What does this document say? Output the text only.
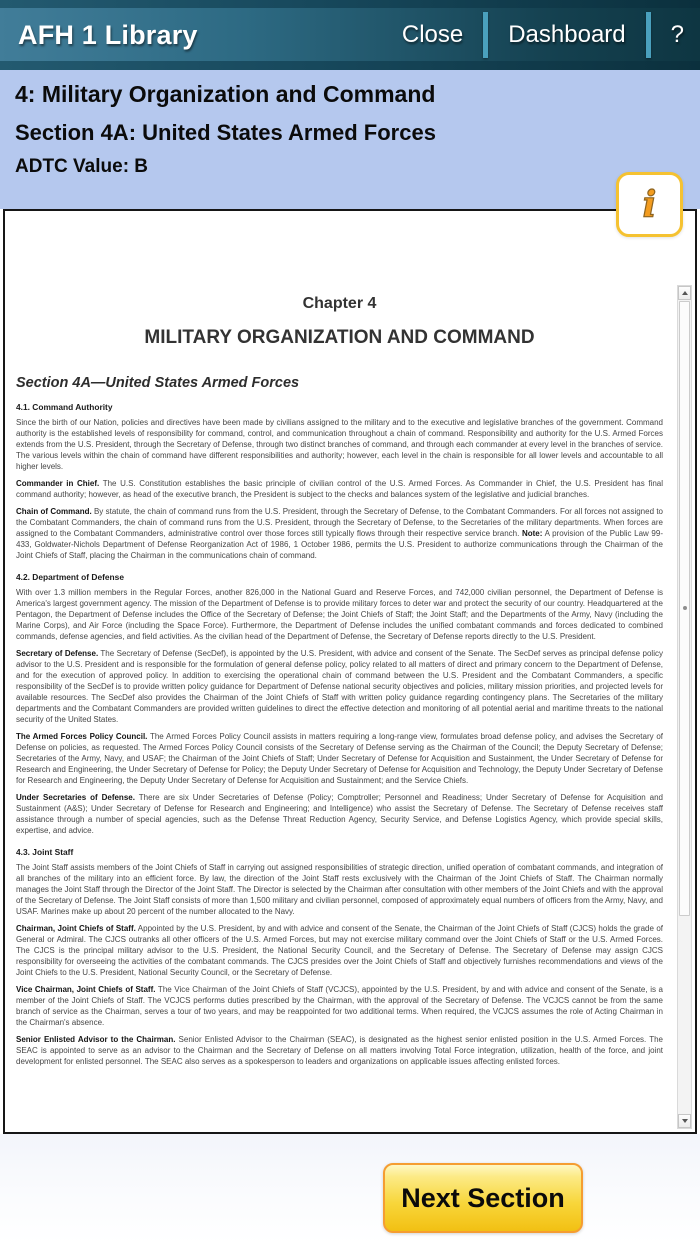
AFH 1 Library	Close Dashboard ?
4: Military Organization and Command
Section 4A: United States Armed Forces
ADTC Value: B
i
Chapter 4
MILITARY ORGANIZATION AND COMMAND
Section 4A—United States Armed Forces
4.1. Command Authority

Since the birth of our Nation, policies and directives have been made by civilians assigned to the military and to the executive and legislative branches of the government. Command authority is the established levels of responsibility for command, control, and communication throughout a chain of command. Responsibility and authority for the U.S. Armed Forces extends from the U.S. President, through the Secretary of Defense, through two distinct branches of command, and through each commander at every level in the branches of service. The various levels within the chain of command have different responsibilities and authority; however, each level in the chain is responsible for all lower levels and accountable to all higher levels.

Commander in Chief. The U.S. Constitution establishes the basic principle of civilian control of the U.S. Armed Forces. As Commander in Chief, the U.S. President has final command authority; however, as head of the executive branch, the President is subject to the checks and balances system of the legislative and judicial branches.

Chain of Command. By statute, the chain of command runs from the U.S. President, through the Secretary of Defense, to the Combatant Commanders. For all forces not assigned to the Combatant Commanders, the chain of command runs from the U.S. President, through the Secretary of Defense, to the Secretaries of the military departments. When forces are assigned to the Combatant Commanders, administrative control over those forces still typically flows through their respective service branch. Note: A provision of the Public Law 99-433, Goldwater-Nichols Department of Defense Reorganization Act of 1986, 1 October 1986, permits the U.S. President to authorize communications through the Chairman of the Joint Chiefs of Staff, placing the Chairman in the communications chain of command.

4.2. Department of Defense

With over 1.3 million members in the Regular Forces, another 826,000 in the National Guard and Reserve Forces, and 742,000 civilian personnel, the Department of Defense is America's largest government agency. The mission of the Department of Defense is to provide military forces to deter war and protect the security of our country. Headquartered at the Pentagon, the Department of Defense includes the Office of the Secretary of Defense; the Joint Chiefs of Staff; the Joint Staff; and the Departments of the Army, Navy (including the Marine Corps), and Air Force (including the Space Force). Furthermore, the Department of Defense includes the unified combatant commands and forces dedicated to combined commands, defense agencies, and field activities. As the civilian head of the Department of Defense, the Secretary of Defense reports directly to the U.S. President.

Secretary of Defense. The Secretary of Defense (SecDef), is appointed by the U.S. President, with advice and consent of the Senate. The SecDef serves as principal defense policy advisor to the U.S. President and is responsible for the formulation of general defense policy, policy related to all matters of direct and primary concern to the Department of Defense, and for the execution of approved policy. In addition to exercising the operational chain of command between the U.S. President and the Combatant Commanders, a specific responsibility of the SecDef is to provide written policy guidance for Department of Defense national security objectives and policies, military mission priorities, and projected levels for available resources. The SecDef also provides the Chairman of the Joint Chiefs of Staff with written policy guidance regarding contingency plans. The Secretaries of the military departments and the Combatant Commanders are provided written guidelines to direct the effective detection and monitoring of all potential aerial and maritime threats to the national security of the United States.

The Armed Forces Policy Council. The Armed Forces Policy Council assists in matters requiring a long-range view, formulates broad defense policy, and advises the Secretary of Defense on policies, as requested. The Armed Forces Policy Council consists of the Secretary of Defense serving as the Chairman of the Council; the Deputy Secretary of Defense; Secretaries of the Army, Navy, and USAF; the Chairman of the Joint Chiefs of Staff; Under Secretary of Defense for Acquisition and Sustainment, the Under Secretary of Defense for Research and Engineering, the Under Secretary of Defense for Policy; the Deputy Under Secretary of Defense for Acquisition and Technology, the Deputy Under Secretary of Defense for Research and Engineering, the Deputy Under Secretary of Defense for Acquisition and Sustainment; and the Service Chiefs.

Under Secretaries of Defense. There are six Under Secretaries of Defense (Policy; Comptroller; Personnel and Readiness; Under Secretary of Defense for Acquisition and Sustainment (A&S); Under Secretary of Defense for Research and Engineering; and Intelligence) who assist the Secretary of Defense. The Secretary of Defense receives staff assistance through a number of special agencies, such as the Defense Threat Reduction Agency, Security Service, and Defense Logistics Agency, which provide special skills, expertise, and advice.

4.3. Joint Staff

The Joint Staff assists members of the Joint Chiefs of Staff in carrying out assigned responsibilities of strategic direction, unified operation of combatant commands, and integration of all branches of the military into an efficient force. By law, the direction of the Joint Staff rests exclusively with the Chairman of the Joint Chiefs of Staff. The Chairman normally manages the Joint Staff through the Director of the Joint Staff. The Director is selected by the Chairman after consultation with other members of the Joint Chiefs and with the approval of the Secretary of Defense. The Joint Staff consists of more than 1,500 military and civilian personnel, composed of approximately equal numbers of officers from the Army, Navy, and USAF. Marines make up about 20 percent of the number allocated to the Navy.

Chairman, Joint Chiefs of Staff. Appointed by the U.S. President, by and with advice and consent of the Senate, the Chairman of the Joint Chiefs of Staff (CJCS) holds the grade of General or Admiral. The CJCS outranks all other officers of the U.S. Armed Forces, but may not exercise military command over the Joint Chiefs of Staff or the U.S. Armed Forces. The CJCS is the principal military advisor to the U.S. President, the National Security Council, and the Secretary of Defense. The Secretary of Defense may assign CJCS responsibility for overseeing the activities of the combatant commands. The CJCS presides over the Joint Chiefs of Staff and objectively furnishes recommendations and views of the Joint Chiefs to the U.S. President, National Security Council, or the Secretary of Defense.

Vice Chairman, Joint Chiefs of Staff. The Vice Chairman of the Joint Chiefs of Staff (VCJCS), appointed by the U.S. President, by and with advice and consent of the Senate, is a member of the Joint Chiefs of Staff. The VCJCS performs duties prescribed by the Chairman, with the approval of the Secretary of Defense. The VCJCS cannot be from the same branch of service as the Chairman, serves a tour of two years, and may be reappointed for two additional terms. When required, the VCJCS assumes the role of Acting Chairman in the Chairman's absence.

Senior Enlisted Advisor to the Chairman. Senior Enlisted Advisor to the Chairman (SEAC), is designated as the highest senior enlisted position in the U.S. Armed Forces. The SEAC is appointed to serve as an advisor to the Chairman and the Secretary of Defense on all matters involving Total Force integration, utilization, health of the force, and joint development for enlisted personnel. The SEAC also serves as a spokesperson to leaders and organizations on applicable issues affecting enlisted forces.

Next Section
